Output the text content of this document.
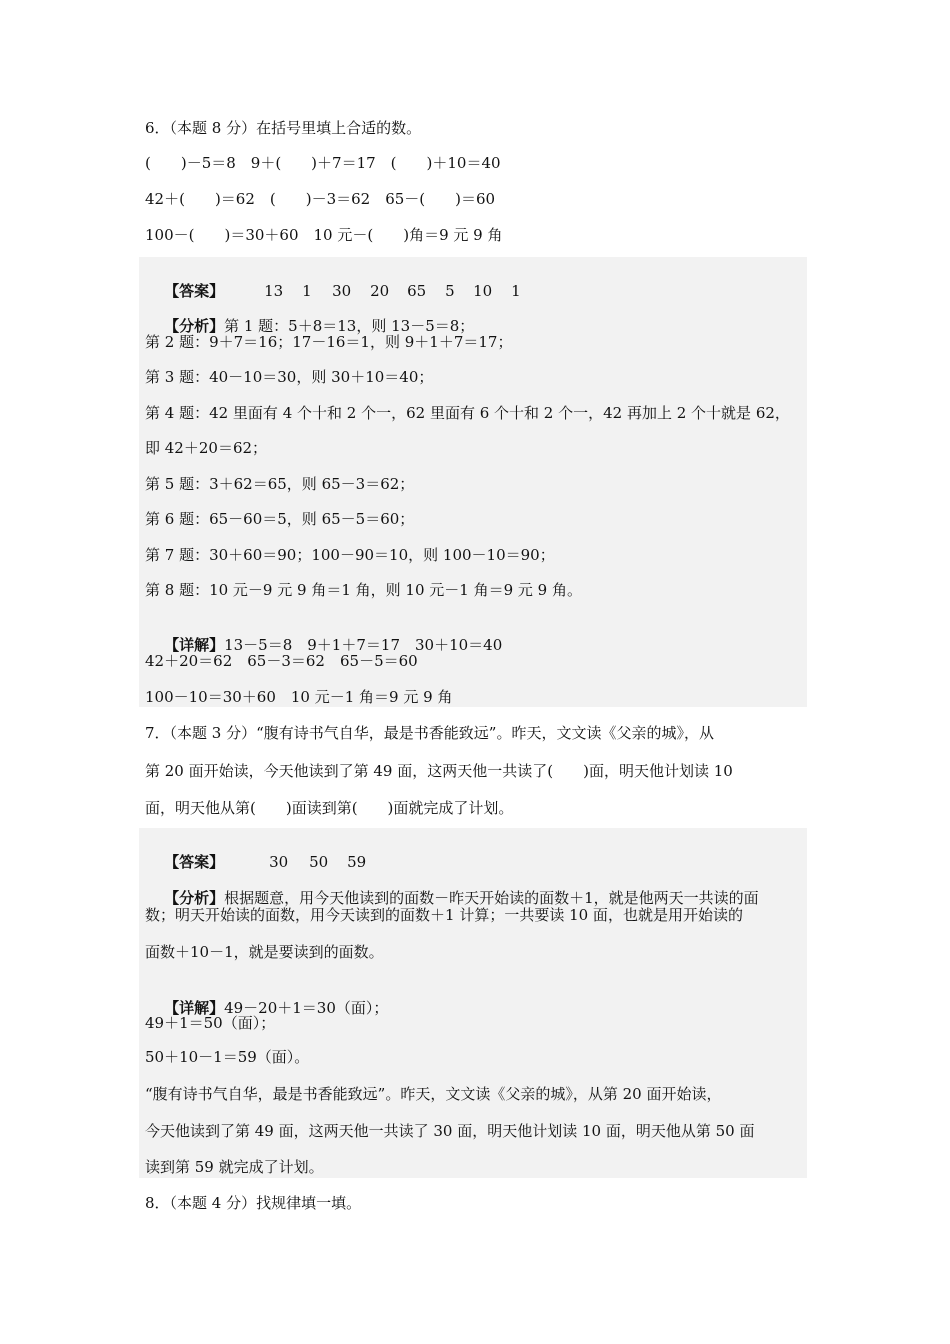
6．（本题 8 分）在括号里填上合适的数。
(　　)－5＝8　9＋(　　)＋7＝17　(　　)＋10＝40
42＋(　　)＝62　(　　)－3＝62　65－(　　)＝60
100－(　　)＝30＋60　10 元－(　　)角＝9 元 9 角

【答案】	13 1 30 20 65 5 10 1

【分析】第 1 题：5＋8＝13，则 13－5＝8；

第 2 题：9＋7＝16；17－16＝1，则 9＋1＋7＝17；
第 3 题：40－10＝30，则 30＋10＝40；
第 4 题：42 里面有 4 个十和 2 个一，62 里面有 6 个十和 2 个一，42 再加上 2 个十就是 62，
即 42＋20＝62；
第 5 题：3＋62＝65，则 65－3＝62；
第 6 题：65－60＝5，则 65－5＝60；
第 7 题：30＋60＝90；100－90＝10，则 100－10＝90；
第 8 题：10 元－9 元 9 角＝1 角，则 10 元－1 角＝9 元 9 角。

【详解】13－5＝8　9＋1＋7＝17　30＋10＝40

42＋20＝62　65－3＝62　65－5＝60
100－10＝30＋60　10 元－1 角＝9 元 9 角
7．（本题 3 分）“腹有诗书气自华，最是书香能致远”。昨天，文文读《父亲的城》，从
第 20 面开始读，今天他读到了第 49 面，这两天他一共读了(　　)面，明天他计划读 10
面，明天他从第(　　)面读到第(　　)面就完成了计划。

【答案】	30 50 59

【分析】根据题意，用今天他读到的面数－昨天开始读的面数＋1，就是他两天一共读的面

数；明天开始读的面数，用今天读到的面数＋1 计算；一共要读 10 面，也就是用开始读的
面数＋10－1，就是要读到的面数。

【详解】49－20＋1＝30（面）；

49＋1＝50（面）；
50＋10－1＝59（面）。
“腹有诗书气自华，最是书香能致远”。昨天，文文读《父亲的城》，从第 20 面开始读，
今天他读到了第 49 面，这两天他一共读了 30 面，明天他计划读 10 面，明天他从第 50 面
读到第 59 就完成了计划。
8．（本题 4 分）找规律填一填。
